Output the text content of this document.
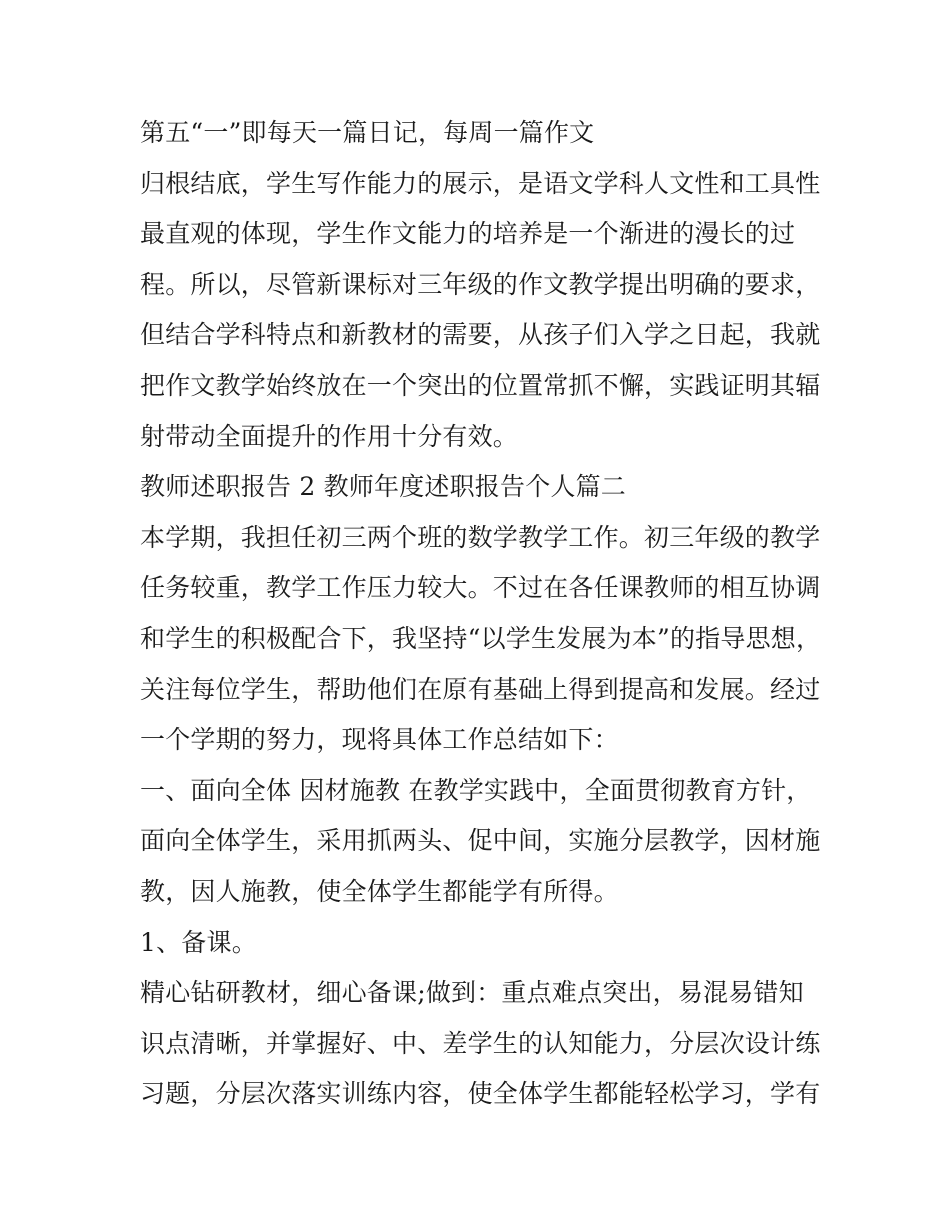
第五“一”即每天一篇日记，每周一篇作文
归根结底，学生写作能力的展示，是语文学科人文性和工具性
最直观的体现，学生作文能力的培养是一个渐进的漫长的过
程。所以，尽管新课标对三年级的作文教学提出明确的要求，
但结合学科特点和新教材的需要，从孩子们入学之日起，我就
把作文教学始终放在一个突出的位置常抓不懈，实践证明其辐
射带动全面提升的作用十分有效。
教师述职报告 2 教师年度述职报告个人篇二
本学期，我担任初三两个班的数学教学工作。初三年级的教学
任务较重，教学工作压力较大。不过在各任课教师的相互协调
和学生的积极配合下，我坚持“以学生发展为本”的指导思想，
关注每位学生，帮助他们在原有基础上得到提高和发展。经过
一个学期的努力，现将具体工作总结如下：
一、面向全体 因材施教 在教学实践中，全面贯彻教育方针，
面向全体学生，采用抓两头、促中间，实施分层教学，因材施
教，因人施教，使全体学生都能学有所得。
1、备课。
精心钻研教材，细心备课;做到：重点难点突出，易混易错知
识点清晰，并掌握好、中、差学生的认知能力，分层次设计练
习题，分层次落实训练内容，使全体学生都能轻松学习，学有
